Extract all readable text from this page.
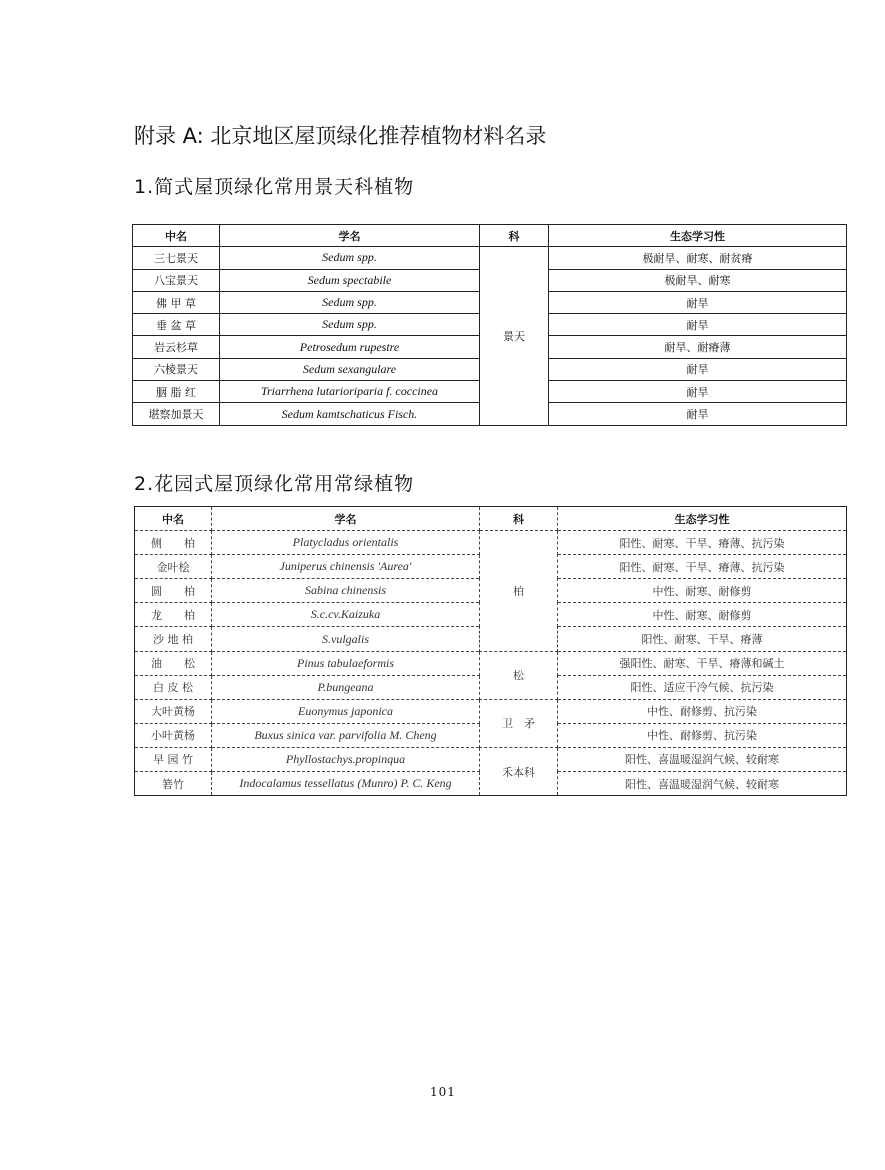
附录 A: 北京地区屋顶绿化推荐植物材料名录
1.简式屋顶绿化常用景天科植物
中名	学名	科	生态学习性
三七景天	Sedum spp.	景天	极耐旱、耐寒、耐贫瘠
八宝景天	Sedum spectabile		极耐旱、耐寒
佛 甲 草	Sedum spp.		耐旱
垂 盆 草	Sedum spp.		耐旱
岩云杉草	Petrosedum rupestre		耐旱、耐瘠薄
六棱景天	Sedum sexangulare		耐旱
胭 脂 红	Triarrhena lutarioriparia f. coccinea		耐旱
堪察加景天	Sedum kamtschaticus Fisch.		耐旱
2.花园式屋顶绿化常用常绿植物
中名	学名	科	生态学习性
侧　　柏	Platycladus orientalis	柏	阳性、耐寒、干旱、瘠薄、抗污染
金叶桧	Juniperus chinensis 'Aurea'		阳性、耐寒、干旱、瘠薄、抗污染
圆　　柏	Sabina chinensis		中性、耐寒、耐修剪
龙　　柏	S.c.cv.Kaizuka		中性、耐寒、耐修剪
沙 地 柏	S.vulgalis		阳性、耐寒、干旱、瘠薄
油　　松	Pinus tabulaeformis	松	强阳性、耐寒、干旱、瘠薄和碱土
白 皮 松	P.bungeana		阳性、适应干冷气候、抗污染
大叶黄杨	Euonymus japonica	卫　矛	中性、耐修剪、抗污染
小叶黄杨	Buxus sinica var. parvifolia M. Cheng		中性、耐修剪、抗污染
早 园 竹	Phyllostachys.propinqua	禾本科	阳性、喜温暖湿润气候、较耐寒
箬竹	Indocalamus tessellatus (Munro) P. C. Keng		阳性、喜温暖湿润气候、较耐寒
101
